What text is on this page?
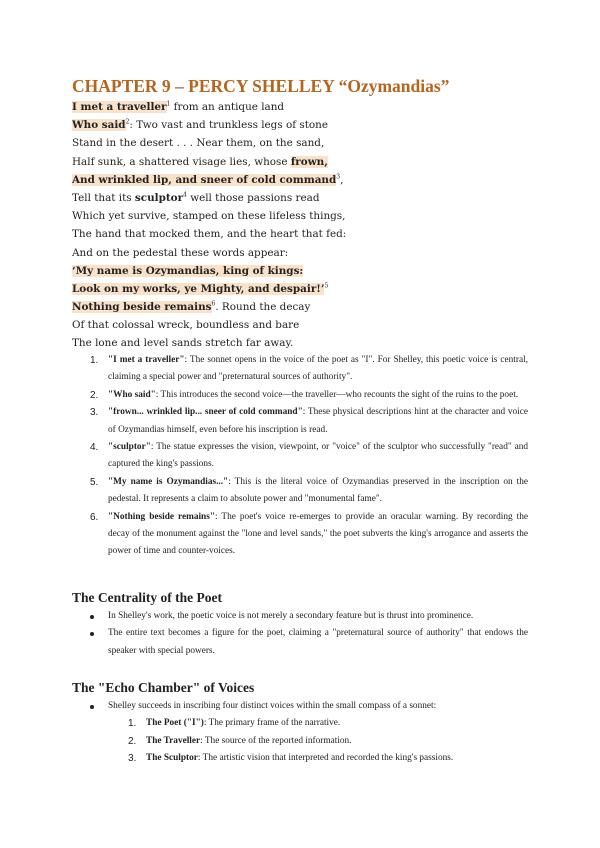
CHAPTER 9 – PERCY SHELLEY “Ozymandias”
I met a traveller$^1$ from an antique land
Who said$^2$: Two vast and trunkless legs of stone
Stand in the desert . . . Near them, on the sand,
Half sunk, a shattered visage lies, whose frown,
And wrinkled lip, and sneer of cold command$^3$,
Tell that its sculptor$^4$ well those passions read
Which yet survive, stamped on these lifeless things,
The hand that mocked them, and the heart that fed:
And on the pedestal these words appear:
‘My name is Ozymandias, king of kings:
Look on my works, ye Mighty, and despair!’$^5$
Nothing beside remains$^6$. Round the decay
Of that colossal wreck, boundless and bare
The lone and level sands stretch far away.
1. "I met a traveller": The sonnet opens in the voice of the poet as "I". For Shelley, this poetic voice is central, claiming a special power and "preternatural sources of authority".
2. "Who said": This introduces the second voice—the traveller—who recounts the sight of the ruins to the poet.
3. "frown... wrinkled lip... sneer of cold command": These physical descriptions hint at the character and voice of Ozymandias himself, even before his inscription is read.
4. "sculptor": The statue expresses the vision, viewpoint, or "voice" of the sculptor who successfully "read" and captured the king's passions.
5. "My name is Ozymandias...": This is the literal voice of Ozymandias preserved in the inscription on the pedestal. It represents a claim to absolute power and "monumental fame".
6. "Nothing beside remains": The poet's voice re-emerges to provide an oracular warning. By recording the decay of the monument against the "lone and level sands," the poet subverts the king's arrogance and asserts the power of time and counter-voices.
The Centrality of the Poet
In Shelley's work, the poetic voice is not merely a secondary feature but is thrust into prominence.
The entire text becomes a figure for the poet, claiming a "preternatural source of authority" that endows the speaker with special powers.
The "Echo Chamber" of Voices
Shelley succeeds in inscribing four distinct voices within the small compass of a sonnet:
1. The Poet ("I"): The primary frame of the narrative.
2. The Traveller: The source of the reported information.
3. The Sculptor: The artistic vision that interpreted and recorded the king's passions.
